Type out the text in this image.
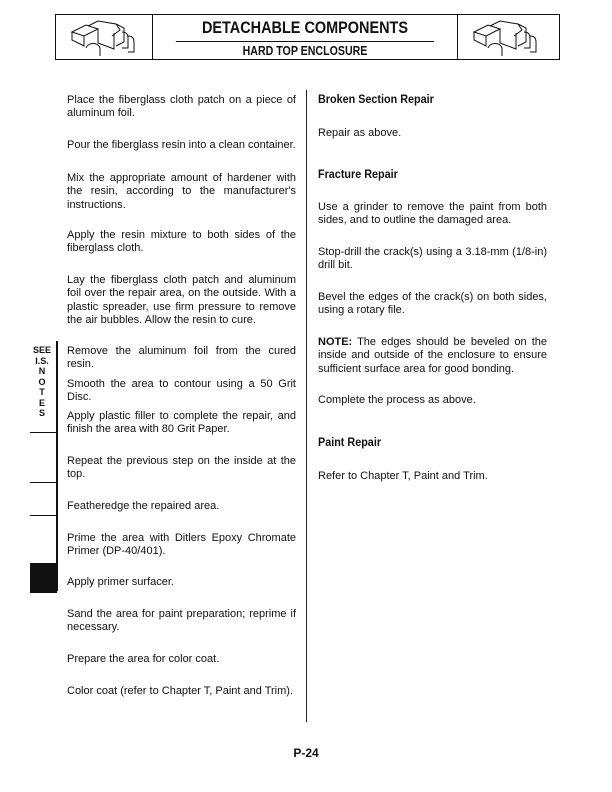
DETACHABLE COMPONENTS
HARD TOP ENCLOSURE

Place the fiberglass cloth patch on a piece of aluminum foil.

Pour the fiberglass resin into a clean container.

Mix the appropriate amount of hardener with the resin, according to the manufacturer's instructions.

Apply the resin mixture to both sides of the fiberglass cloth.

Lay the fiberglass cloth patch and aluminum foil over the repair area, on the outside. With a plastic spreader, use firm pressure to remove the air bubbles. Allow the resin to cure.

Remove the aluminum foil from the cured resin.

Smooth the area to contour using a 50 Grit Disc.

Apply plastic filler to complete the repair, and finish the area with 80 Grit Paper.

Repeat the previous step on the inside at the top.

Featheredge the repaired area.

Prime the area with Ditlers Epoxy Chromate Primer (DP-40/401).

Apply primer surfacer.

Sand the area for paint preparation; reprime if necessary.

Prepare the area for color coat.

Color coat (refer to Chapter T, Paint and Trim).

Broken Section Repair

Repair as above.

Fracture Repair

Use a grinder to remove the paint from both sides, and to outline the damaged area.

Stop-drill the crack(s) using a 3.18-mm (1/8-in) drill bit.

Bevel the edges of the crack(s) on both sides, using a rotary file.

NOTE: The edges should be beveled on the inside and outside of the enclosure to ensure sufficient surface area for good bonding.

Complete the process as above.

Paint Repair

Refer to Chapter T, Paint and Trim.

SEE
I.S.
N
O
T
E
S
P-24
